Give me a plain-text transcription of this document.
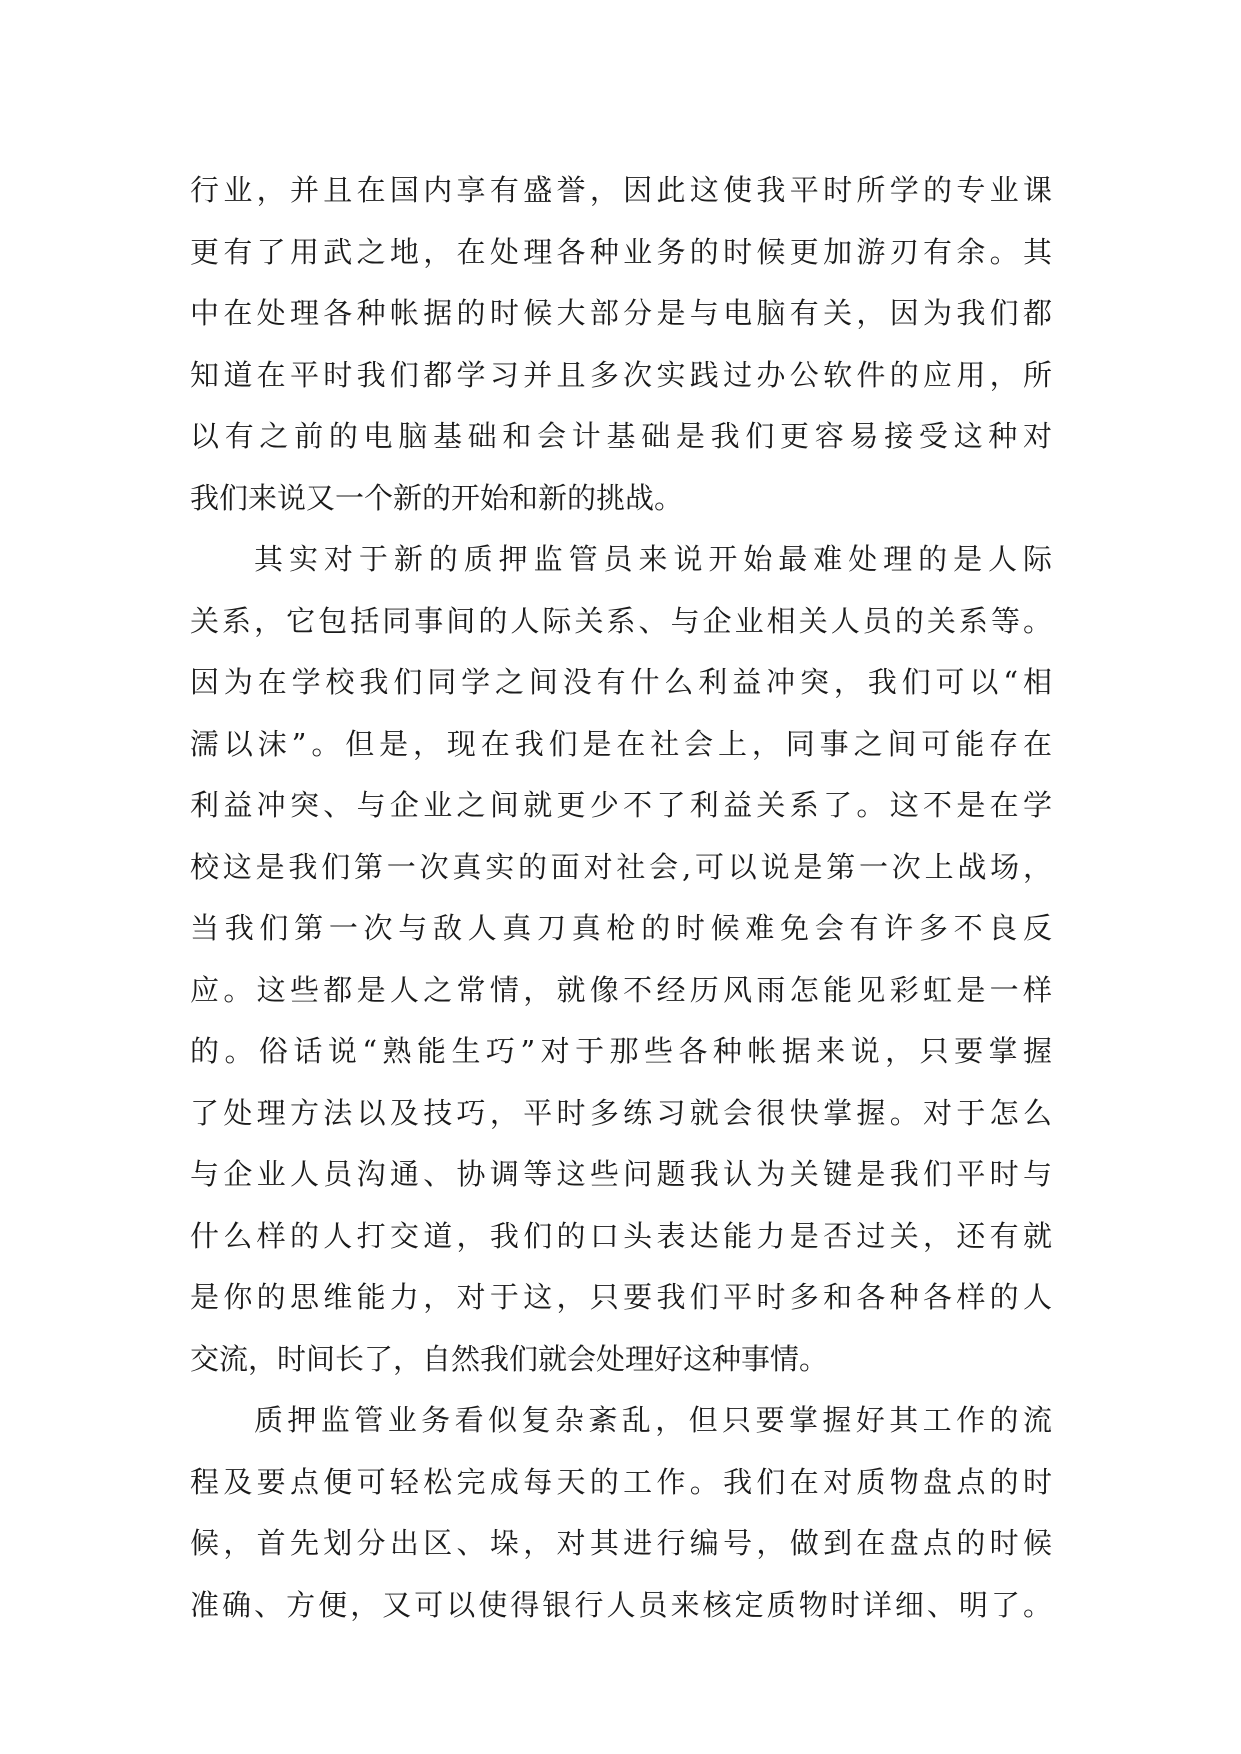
行业，并且在国内享有盛誉，因此这使我平时所学的专业课
更有了用武之地，在处理各种业务的时候更加游刃有余。其
中在处理各种帐据的时候大部分是与电脑有关，因为我们都
知道在平时我们都学习并且多次实践过办公软件的应用，所
以有之前的电脑基础和会计基础是我们更容易接受这种对
我们来说又一个新的开始和新的挑战。
其实对于新的质押监管员来说开始最难处理的是人际
关系，它包括同事间的人际关系、与企业相关人员的关系等。
因为在学校我们同学之间没有什么利益冲突，我们可以“相
濡以沫”。但是，现在我们是在社会上，同事之间可能存在
利益冲突、与企业之间就更少不了利益关系了。这不是在学
校这是我们第一次真实的面对社会,可以说是第一次上战场，
当我们第一次与敌人真刀真枪的时候难免会有许多不良反
应。这些都是人之常情，就像不经历风雨怎能见彩虹是一样
的。俗话说“熟能生巧”对于那些各种帐据来说，只要掌握
了处理方法以及技巧，平时多练习就会很快掌握。对于怎么
与企业人员沟通、协调等这些问题我认为关键是我们平时与
什么样的人打交道，我们的口头表达能力是否过关，还有就
是你的思维能力，对于这，只要我们平时多和各种各样的人
交流，时间长了，自然我们就会处理好这种事情。
质押监管业务看似复杂紊乱，但只要掌握好其工作的流
程及要点便可轻松完成每天的工作。我们在对质物盘点的时
候，首先划分出区、垛，对其进行编号，做到在盘点的时候
准确、方便，又可以使得银行人员来核定质物时详细、明了。
